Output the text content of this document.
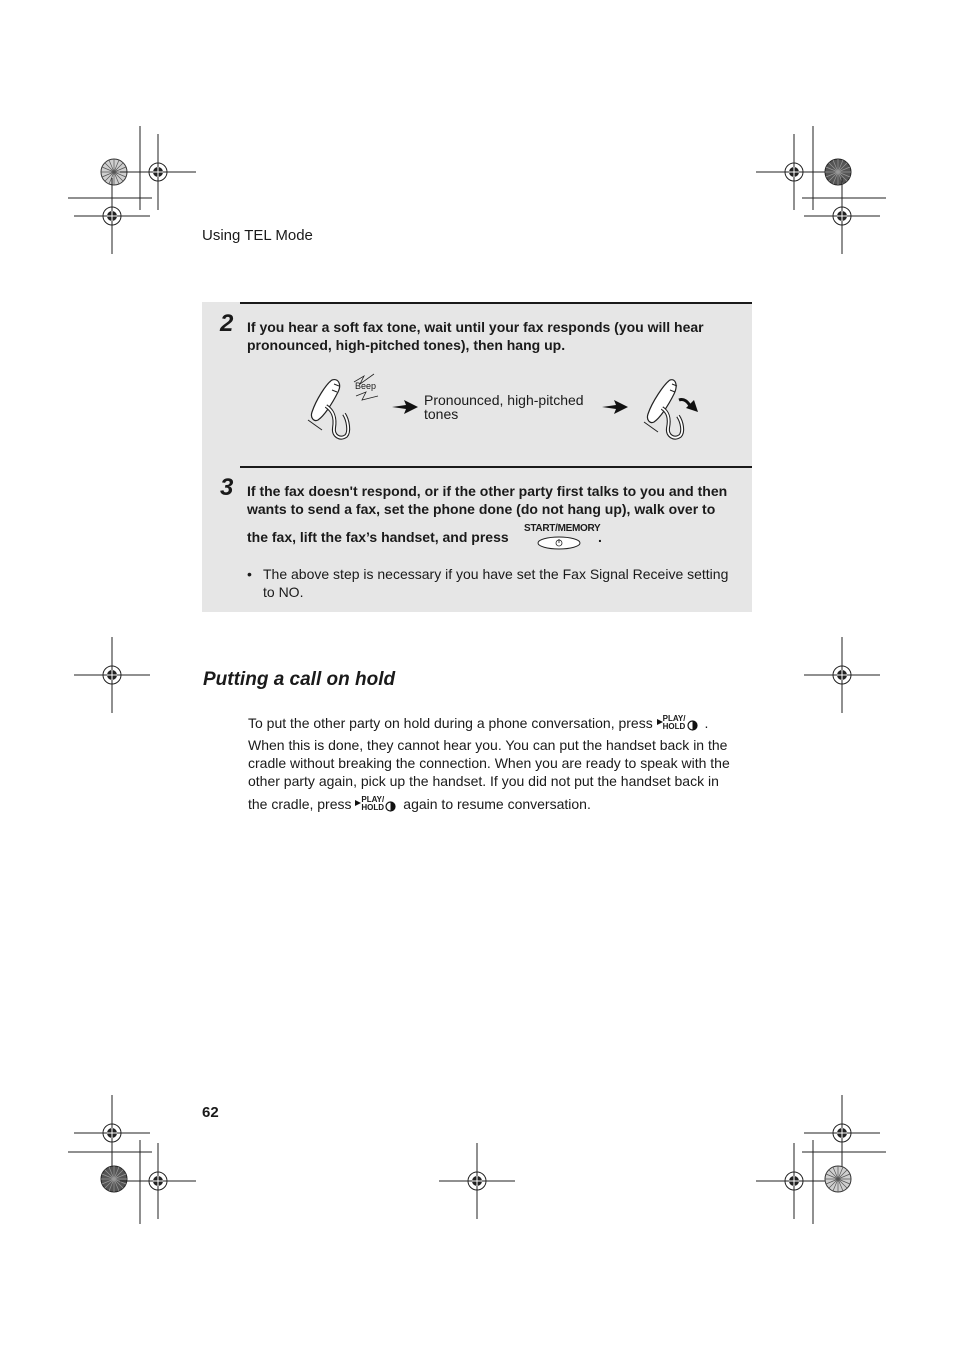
Using TEL Mode
2 If you hear a soft fax tone, wait until your fax responds (you will hear
pronounced, high-pitched tones), then hang up.
Beep
Pronounced, high-pitched
tones
3 If the fax doesn't respond, or if the other party first talks to you and then
wants to send a fax, set the phone done (do not hang up), walk over to
the fax, lift the fax’s handset, and press
START/MEMORY
.
• The above step is necessary if you have set the Fax Signal Receive setting
to NO.
Putting a call on hold
To put the other party on hold during a phone conversation, press PLAY/
HOLD .
When this is done, they cannot hear you. You can put the handset back in the
cradle without breaking the connection. When you are ready to speak with the
other party again, pick up the handset. If you did not put the handset back in
the cradle, press PLAY/
HOLD again to resume conversation.
62
